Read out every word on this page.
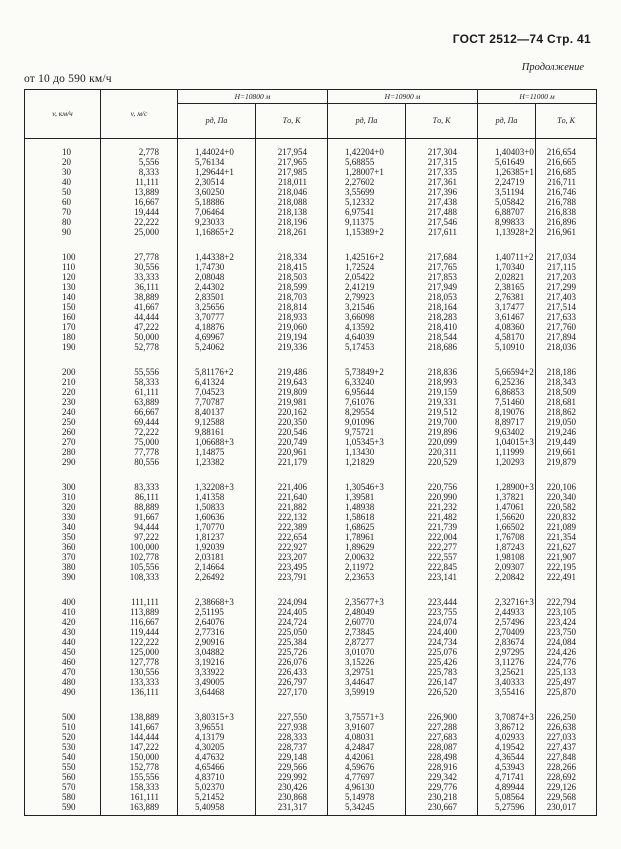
ГОСТ 2512—74 Стр. 41
Продолжение
от 10 до 590 км/ч
v, км/ч	v, м/с	H=10800 м		H=10900 м		H=11000 м	
		pд, Па	Tо, К	pд, Па	Tо, К	pд, Па	Tо, К
10	2,778	1,44024+0	217,954	1,42204+0	217,304	1,40403+0	216,654
20	5,556	5,76134	217,965	5,68855	217,315	5,61649	216,665
30	8,333	1,29644+1	217,985	1,28007+1	217,335	1,26385+1	216,685
40	11,111	2,30514	218,011	2,27602	217,361	2,24719	216,711
50	13,889	3,60250	218,046	3,55699	217,396	3,51194	216,746
60	16,667	5,18886	218,088	5,12332	217,438	5,05842	216,788
70	19,444	7,06464	218,138	6,97541	217,488	6,88707	216,838
80	22,222	9,23033	218,196	9,11375	217,546	8,99833	216,896
90	25,000	1,16865+2	218,261	1,15389+2	217,611	1,13928+2	216,961
100	27,778	1,44338+2	218,334	1,42516+2	217,684	1,40711+2	217,034
110	30,556	1,74730	218,415	1,72524	217,765	1,70340	217,115
120	33,333	2,08048	218,503	2,05422	217,853	2,02821	217,203
130	36,111	2,44302	218,599	2,41219	217,949	2,38165	217,299
140	38,889	2,83501	218,703	2,79923	218,053	2,76381	217,403
150	41,667	3,25656	218,814	3,21546	218,164	3,17477	217,514
160	44,444	3,70777	218,933	3,66098	218,283	3,61467	217,633
170	47,222	4,18876	219,060	4,13592	218,410	4,08360	217,760
180	50,000	4,69967	219,194	4,64039	218,544	4,58170	217,894
190	52,778	5,24062	219,336	5,17453	218,686	5,10910	218,036
200	55,556	5,81176+2	219,486	5,73849+2	218,836	5,66594+2	218,186
210	58,333	6,41324	219,643	6,33240	218,993	6,25236	218,343
220	61,111	7,04523	219,809	6,95644	219,159	6,86853	218,509
230	63,889	7,70787	219,981	7,61076	219,331	7,51460	218,681
240	66,667	8,40137	220,162	8,29554	219,512	8,19076	218,862
250	69,444	9,12588	220,350	9,01096	219,700	8,89717	219,050
260	72,222	9,88161	220,546	9,75721	219,896	9,63402	219,246
270	75,000	1,06688+3	220,749	1,05345+3	220,099	1,04015+3	219,449
280	77,778	1,14875	220,961	1,13430	220,311	1,11999	219,661
290	80,556	1,23382	221,179	1,21829	220,529	1,20293	219,879
300	83,333	1,32208+3	221,406	1,30546+3	220,756	1,28900+3	220,106
310	86,111	1,41358	221,640	1,39581	220,990	1,37821	220,340
320	88,889	1,50833	221,882	1,48938	221,232	1,47061	220,582
330	91,667	1,60636	222,132	1,58618	221,482	1,56620	220,832
340	94,444	1,70770	222,389	1,68625	221,739	1,66502	221,089
350	97,222	1,81237	222,654	1,78961	222,004	1,76708	221,354
360	100,000	1,92039	222,927	1,89629	222,277	1,87243	221,627
370	102,778	2,03181	223,207	2,00632	222,557	1,98108	221,907
380	105,556	2,14664	223,495	2,11972	222,845	2,09307	222,195
390	108,333	2,26492	223,791	2,23653	223,141	2,20842	222,491
400	111,111	2,38668+3	224,094	2,35677+3	223,444	2,32716+3	222,794
410	113,889	2,51195	224,405	2,48049	223,755	2,44933	223,105
420	116,667	2,64076	224,724	2,60770	224,074	2,57496	223,424
430	119,444	2,77316	225,050	2,73845	224,400	2,70409	223,750
440	122,222	2,90916	225,384	2,87277	224,734	2,83674	224,084
450	125,000	3,04882	225,726	3,01070	225,076	2,97295	224,426
460	127,778	3,19216	226,076	3,15226	225,426	3,11276	224,776
470	130,556	3,33922	226,433	3,29751	225,783	3,25621	225,133
480	133,333	3,49005	226,797	3,44647	226,147	3,40333	225,497
490	136,111	3,64468	227,170	3,59919	226,520	3,55416	225,870
500	138,889	3,80315+3	227,550	3,75571+3	226,900	3,70874+3	226,250
510	141,667	3,96551	227,938	3,91607	227,288	3,86712	226,638
520	144,444	4,13179	228,333	4,08031	227,683	4,02933	227,033
530	147,222	4,30205	228,737	4,24847	228,087	4,19542	227,437
540	150,000	4,47632	229,148	4,42061	228,498	4,36544	227,848
550	152,778	4,65466	229,566	4,59676	228,916	4,53943	228,266
560	155,556	4,83710	229,992	4,77697	229,342	4,71741	228,692
570	158,333	5,02370	230,426	4,96130	229,776	4,89944	229,126
580	161,111	5,21452	230,868	5,14978	230,218	5,08564	229,568
590	163,889	5,40958	231,317	5,34245	230,667	5,27596	230,017
